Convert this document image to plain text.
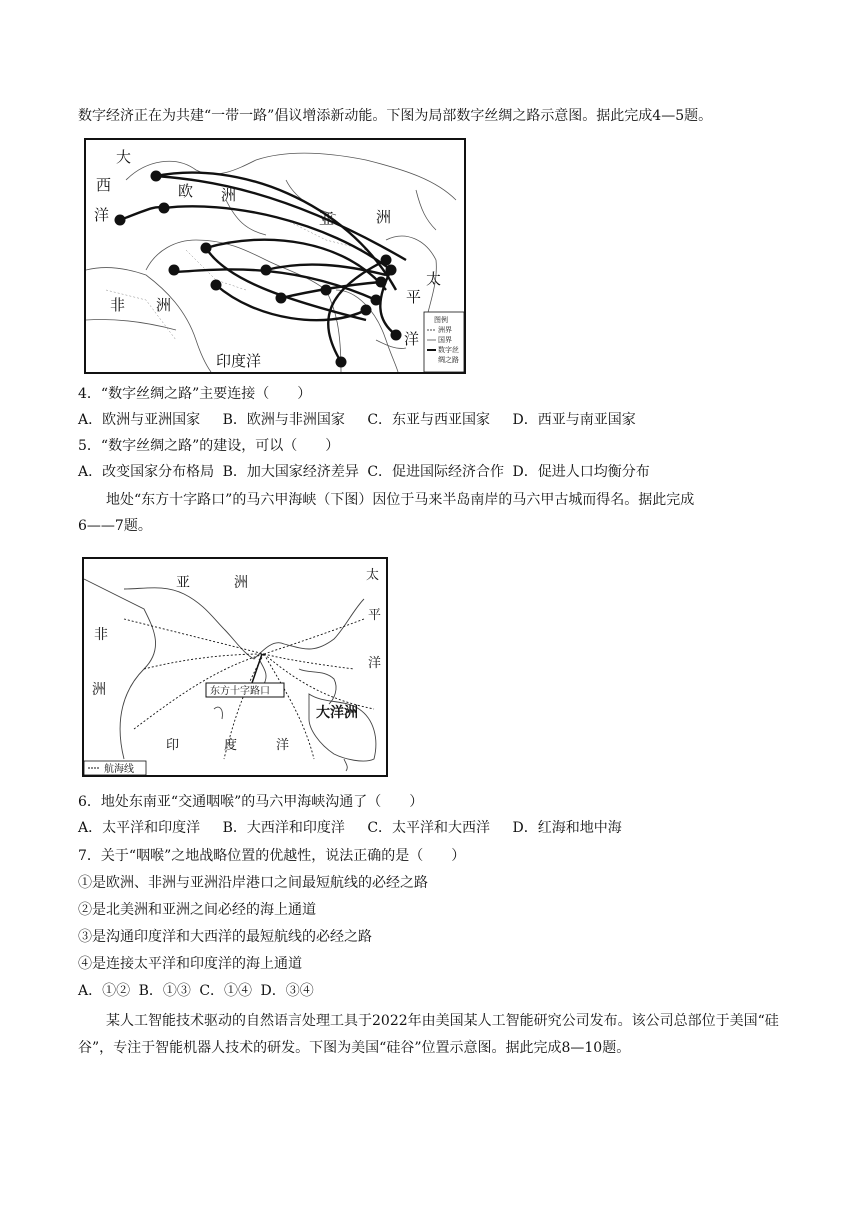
数字经济正在为共建“一带一路”倡议增添新动能。下图为局部数字丝绸之路示意图。据此完成4—5题。
大
西
洋
欧 洲
亚	洲
非 洲
印度洋
太
平
洋
图例
洲界
国界
数字丝
绸之路
4．“数字丝绸之路”主要连接（　　）
A．欧洲与亚洲国家 B．欧洲与非洲国家 C．东亚与西亚国家 D．西亚与南亚国家
5．“数字丝绸之路”的建设，可以（　　）
A．改变国家分布格局 B．加大国家经济差异 C．促进国际经济合作 D．促进人口均衡分布
地处“东方十字路口”的马六甲海峡（下图）因位于马来半岛南岸的马六甲古城而得名。据此完成
6——7题。
东方十字路口
亚	洲
非
洲
太
平
洋
大洋洲
印	度	洋
航海线
6．地处东南亚“交通咽喉”的马六甲海峡沟通了（　　）
A．太平洋和印度洋 B．大西洋和印度洋 C．太平洋和大西洋 D．红海和地中海
7．关于“咽喉”之地战略位置的优越性，说法正确的是（　　）
①是欧洲、非洲与亚洲沿岸港口之间最短航线的必经之路
②是北美洲和亚洲之间必经的海上通道
③是沟通印度洋和大西洋的最短航线的必经之路
④是连接太平洋和印度洋的海上通道
A．①② B．①③ C．①④ D．③④
某人工智能技术驱动的自然语言处理工具于2022年由美国某人工智能研究公司发布。该公司总部位于美国“硅谷”，专注于智能机器人技术的研发。下图为美国“硅谷”位置示意图。据此完成8—10题。
